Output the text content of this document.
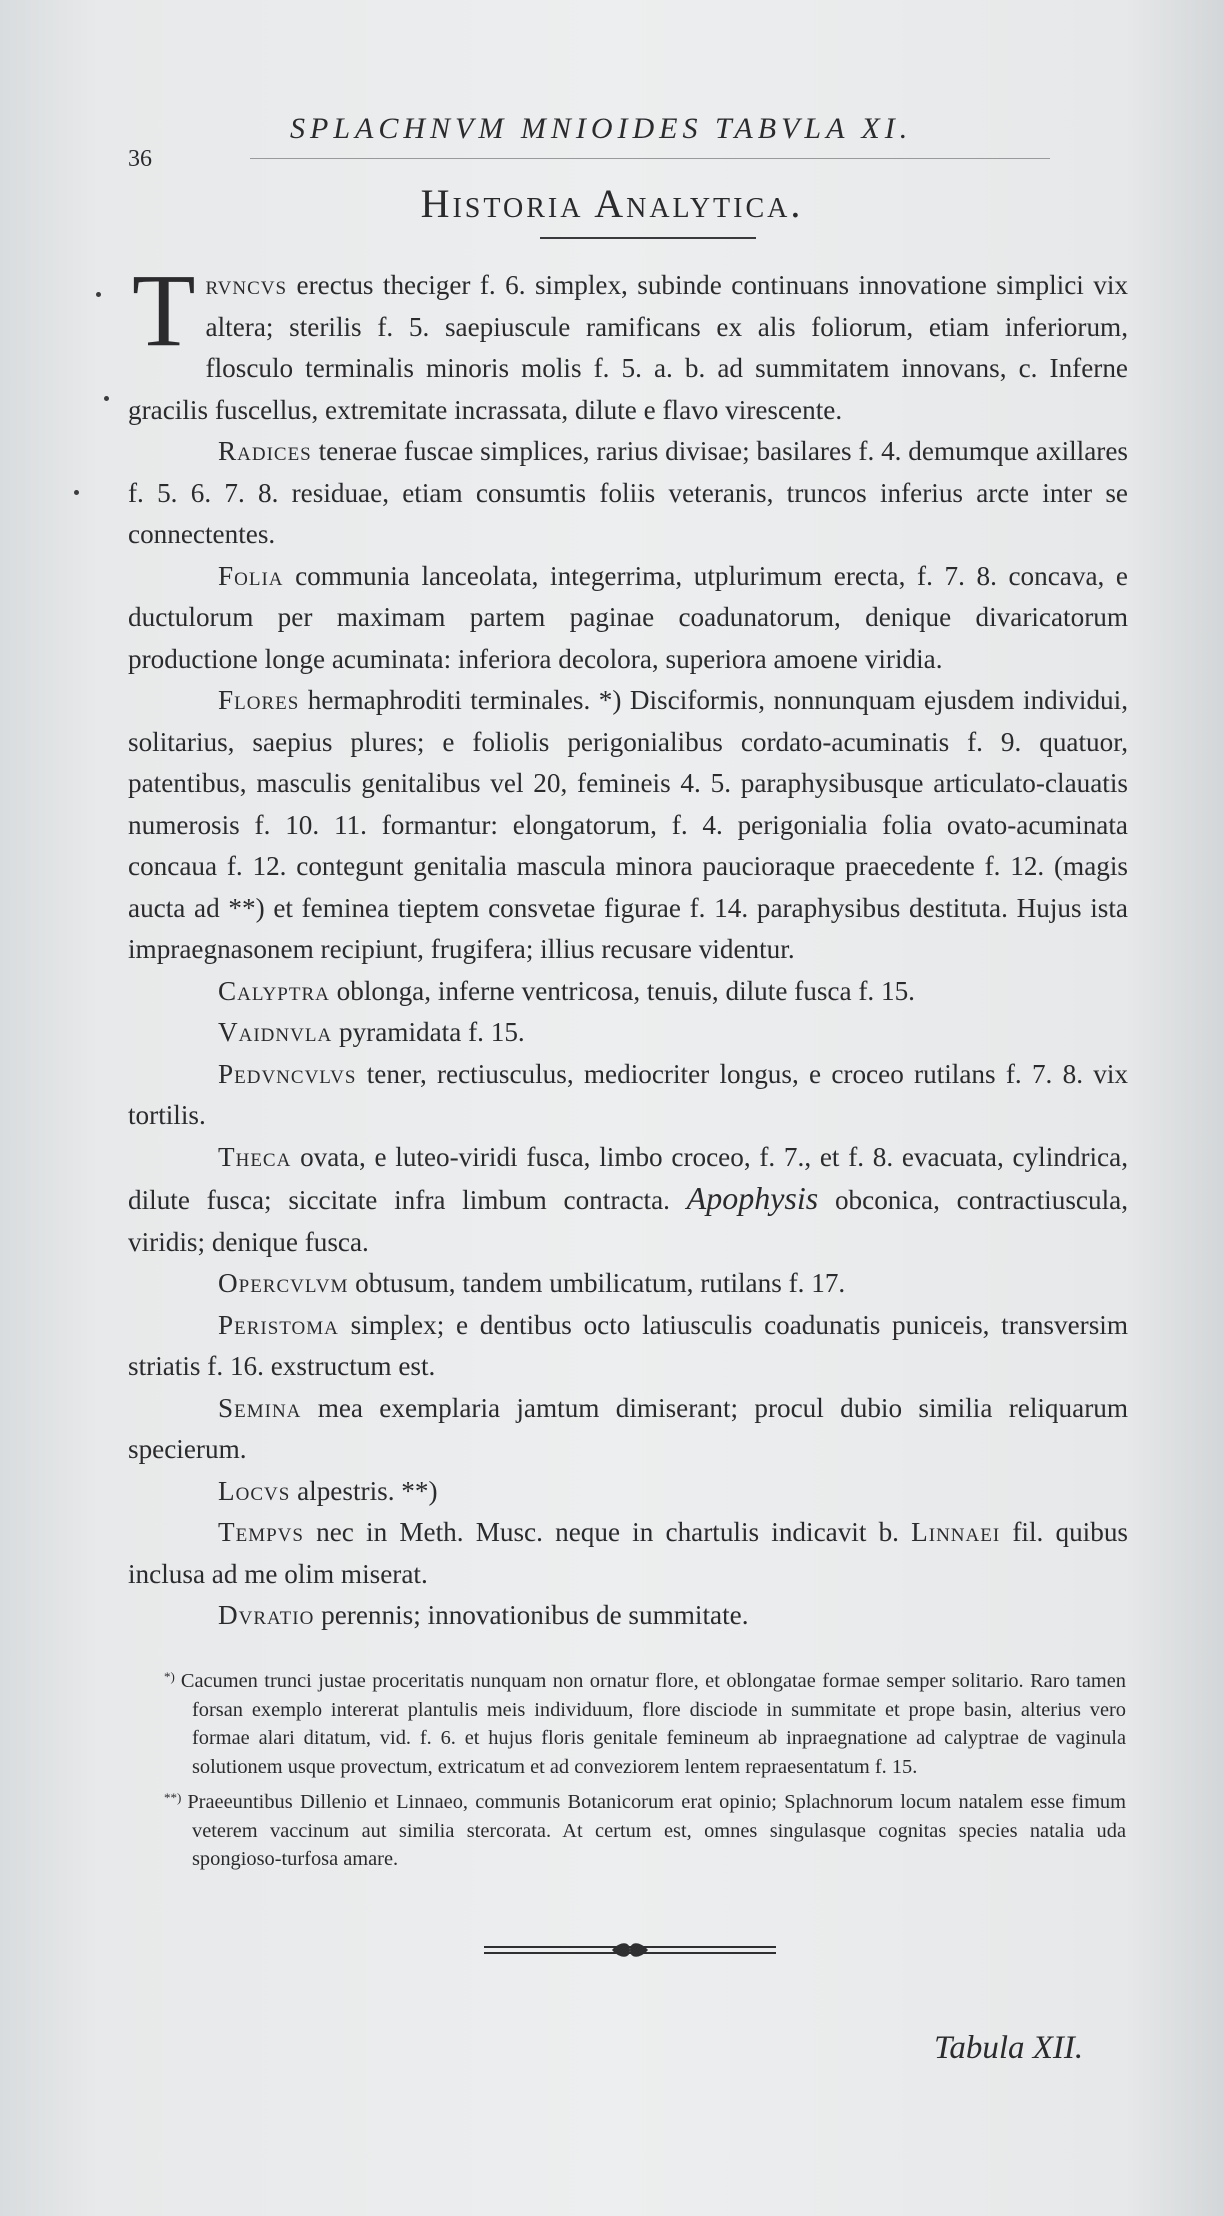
36
SPLACHNVM MNIOIDES TABVLA XI.
Historia Analytica.

Trvncvs erectus theciger f. 6. simplex, subinde continuans innovatione simplici vix altera; sterilis f. 5. saepiuscule ramificans ex alis foliorum, etiam inferiorum, flosculo terminalis minoris molis f. 5. a. b. ad summitatem innovans, c. Inferne gracilis fuscellus, extremitate incrassata, dilute e flavo virescente.

Radices tenerae fuscae simplices, rarius divisae; basilares f. 4. demumque axillares f. 5. 6. 7. 8. residuae, etiam consumtis foliis veteranis, truncos inferius arcte inter se connectentes.

Folia communia lanceolata, integerrima, utplurimum erecta, f. 7. 8. concava, e ductulorum per maximam partem paginae coadunatorum, denique divaricatorum productione longe acuminata: inferiora decolora, superiora amoene viridia.

Flores hermaphroditi terminales. *) Disciformis, nonnunquam ejusdem individui, solitarius, saepius plures; e foliolis perigonialibus cordato-acuminatis f. 9. quatuor, patentibus, masculis genitalibus vel 20, femineis 4. 5. paraphysibusque articulato-clauatis numerosis f. 10. 11. formantur: elongatorum, f. 4. perigonialia folia ovato-acuminata concaua f. 12. contegunt genitalia mascula minora paucioraque praecedente f. 12. (magis aucta ad **) et feminea tieptem consvetae figurae f. 14. paraphysibus destituta. Hujus ista impraegnasonem recipiunt, frugifera; illius recusare videntur.

Calyptra oblonga, inferne ventricosa, tenuis, dilute fusca f. 15.

Vaidnvla pyramidata f. 15.

Pedvncvlvs tener, rectiusculus, mediocriter longus, e croceo rutilans f. 7. 8. vix tortilis.

Theca ovata, e luteo-viridi fusca, limbo croceo, f. 7., et f. 8. evacuata, cylindrica, dilute fusca; siccitate infra limbum contracta. Apophysis obconica, contractiuscula, viridis; denique fusca.

Opercvlvm obtusum, tandem umbilicatum, rutilans f. 17.

Peristoma simplex; e dentibus octo latiusculis coadunatis puniceis, transversim striatis f. 16. exstructum est.

Semina mea exemplaria jamtum dimiserant; procul dubio similia reliquarum specierum.

Locvs alpestris. **)

Tempvs nec in Meth. Musc. neque in chartulis indicavit b. Linnaei fil. quibus inclusa ad me olim miserat.

Dvratio perennis; innovationibus de summitate.

*) Cacumen trunci justae proceritatis nunquam non ornatur flore, et oblongatae formae semper solitario. Raro tamen forsan exemplo intererat plantulis meis individuum, flore disciode in summitate et prope basin, alterius vero formae alari ditatum, vid. f. 6. et hujus floris genitale femineum ab inpraegnatione ad calyptrae de vaginula solutionem usque provectum, extricatum et ad conveziorem lentem repraesentatum f. 15.

**) Praeeuntibus Dillenio et Linnaeo, communis Botanicorum erat opinio; Splachnorum locum natalem esse fimum veterem vaccinum aut similia stercorata. At certum est, omnes singulasque cognitas species natalia uda spongioso-turfosa amare.

Tabula XII.
